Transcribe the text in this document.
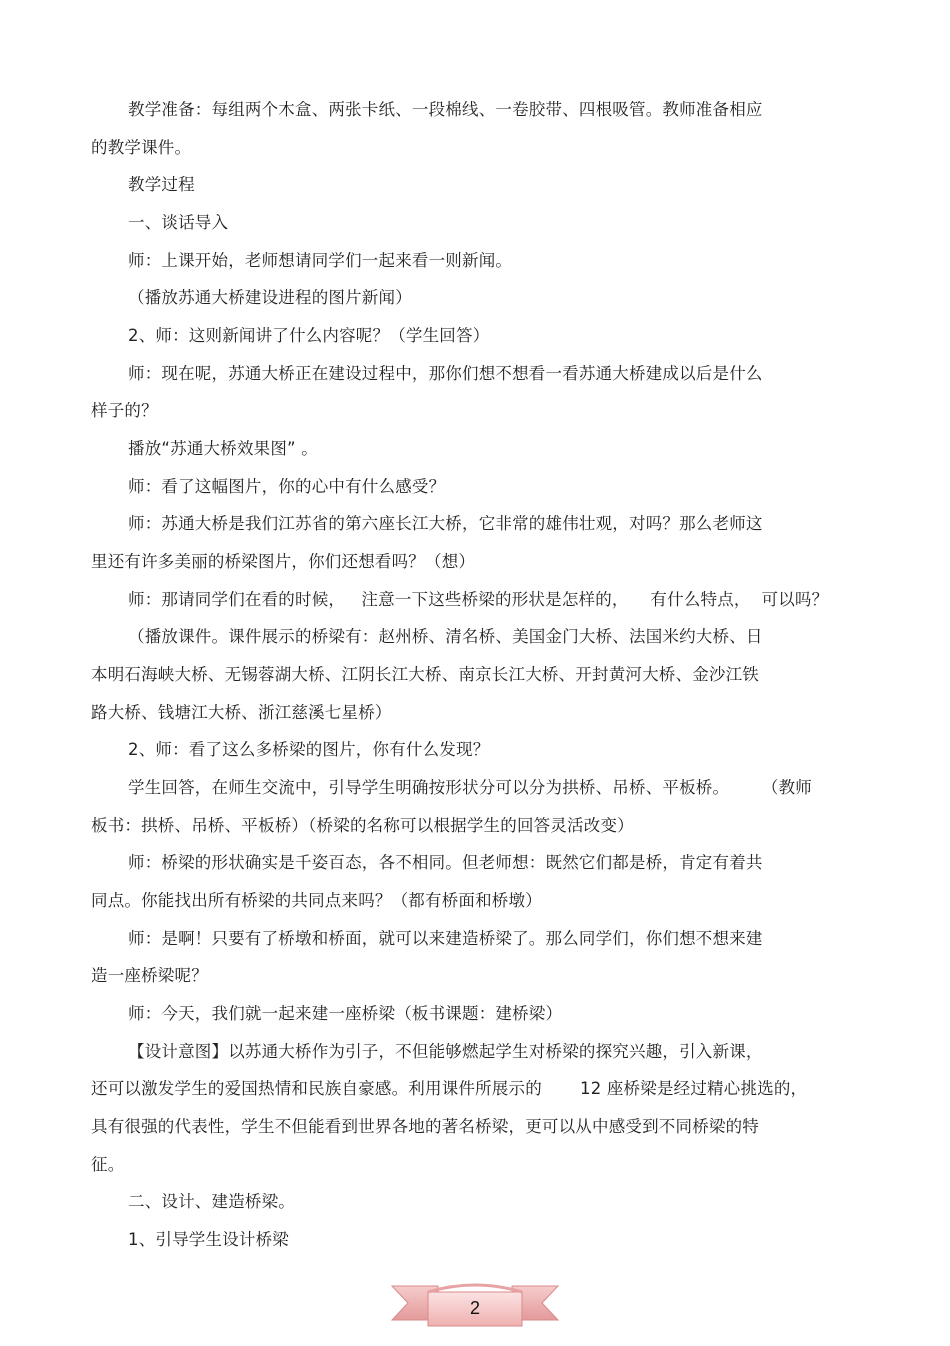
教学准备：每组两个木盒、两张卡纸、一段棉线、一卷胶带、四根吸管。教师准备相应
的教学课件。
教学过程
一、谈话导入
师：上课开始，老师想请同学们一起来看一则新闻。
（播放苏通大桥建设进程的图片新闻）
2、师：这则新闻讲了什么内容呢？（学生回答）
师：现在呢，苏通大桥正在建设过程中，那你们想不想看一看苏通大桥建成以后是什么
样子的？
播放“苏通大桥效果图” 。
师：看了这幅图片，你的心中有什么感受？
师：苏通大桥是我们江苏省的第六座长江大桥，它非常的雄伟壮观，对吗？那么老师这
里还有许多美丽的桥梁图片，你们还想看吗？（想）
师：那请同学们在看的时候，   注意一下这些桥梁的形状是怎样的，    有什么特点，  可以吗？
（播放课件。课件展示的桥梁有：赵州桥、清名桥、美国金门大桥、法国米约大桥、日
本明石海峡大桥、无锡蓉湖大桥、江阴长江大桥、南京长江大桥、开封黄河大桥、金沙江铁
路大桥、钱塘江大桥、浙江慈溪七星桥）
2、师：看了这么多桥梁的图片，你有什么发现？
学生回答，在师生交流中，引导学生明确按形状分可以分为拱桥、吊桥、平板桥。      （教师
板书：拱桥、吊桥、平板桥）（桥梁的名称可以根据学生的回答灵活改变）
师：桥梁的形状确实是千姿百态，各不相同。但老师想：既然它们都是桥，肯定有着共
同点。你能找出所有桥梁的共同点来吗？（都有桥面和桥墩）
师：是啊！只要有了桥墩和桥面，就可以来建造桥梁了。那么同学们，你们想不想来建
造一座桥梁呢？
师：今天，我们就一起来建一座桥梁（板书课题：建桥梁）
【设计意图】以苏通大桥作为引子，不但能够燃起学生对桥梁的探究兴趣，引入新课，
还可以激发学生的爱国热情和民族自豪感。利用课件所展示的       12 座桥梁是经过精心挑选的，
具有很强的代表性，学生不但能看到世界各地的著名桥梁，更可以从中感受到不同桥梁的特
征。
二、设计、建造桥梁。
1、引导学生设计桥梁
2
